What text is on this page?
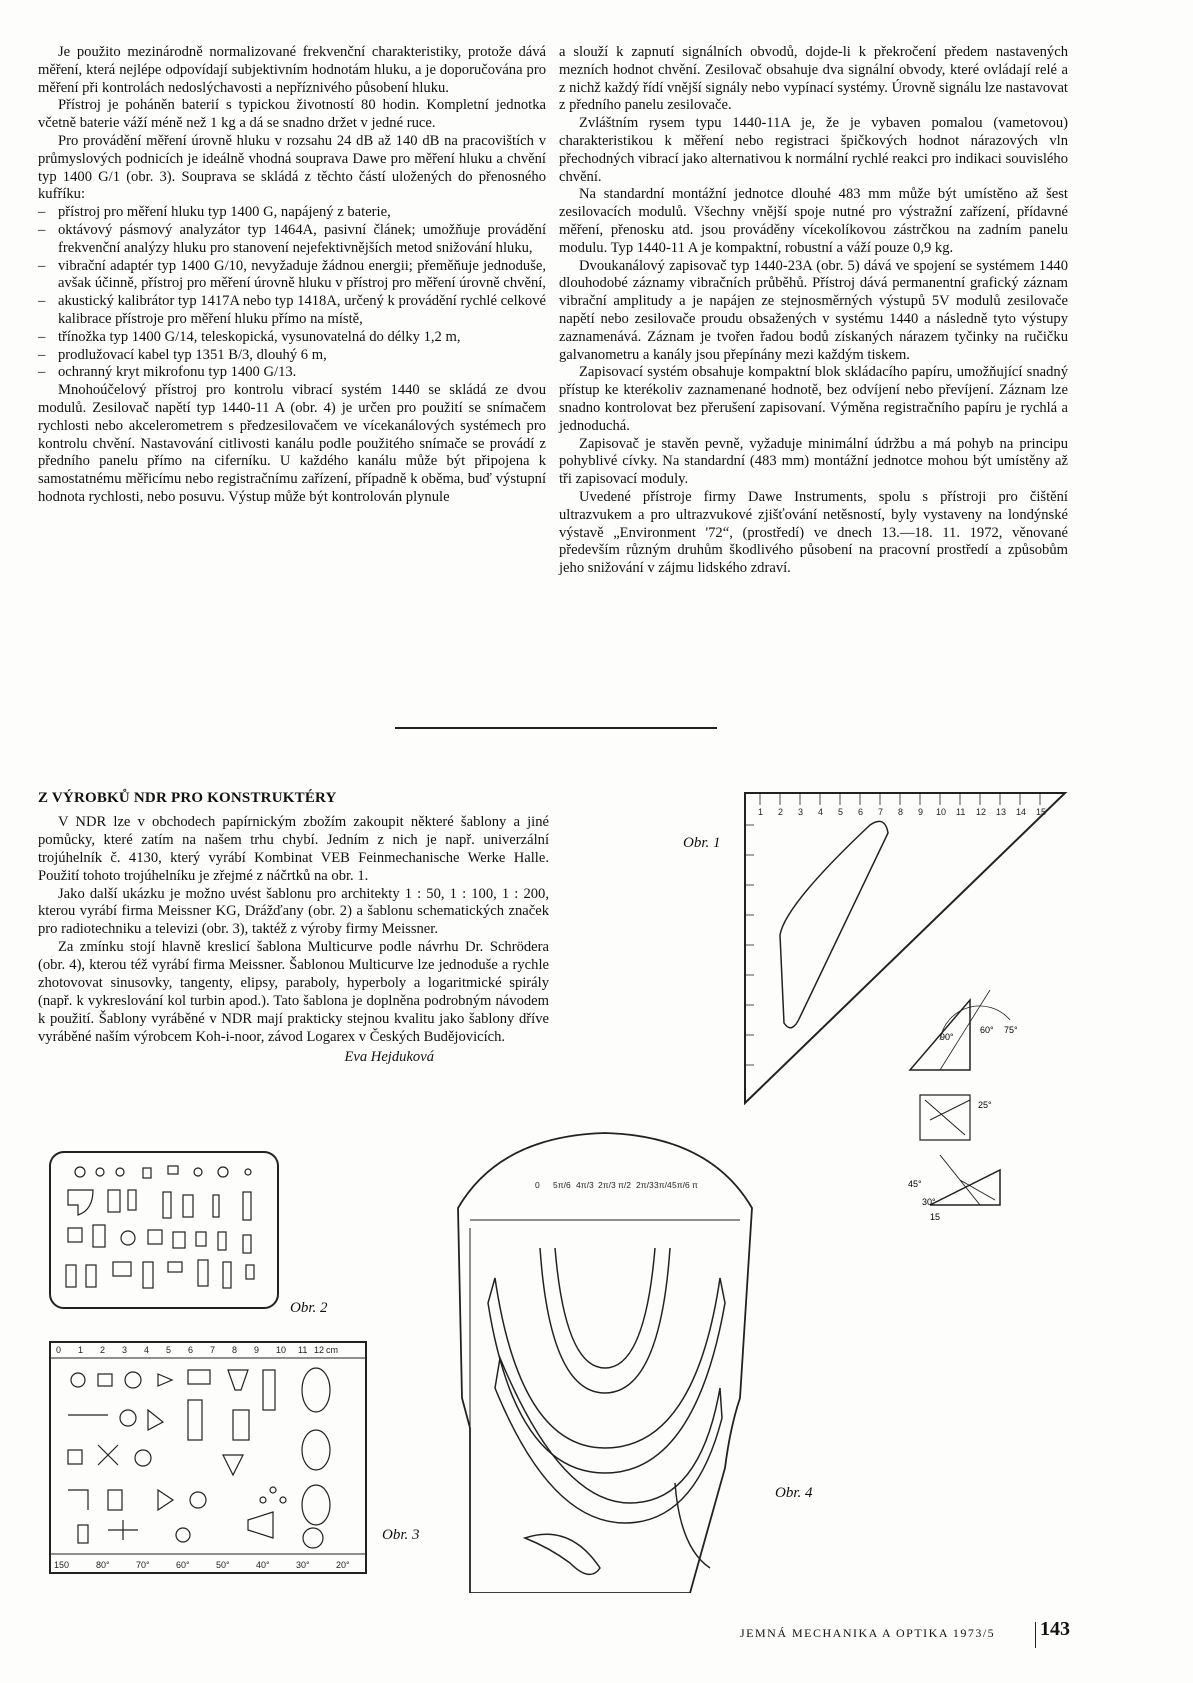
Je použito mezinárodně normalizované frekvenční charakteristiky, protože dává měření, která nejlépe odpovídají subjektivním hodnotám hluku, a je doporučována pro měření při kontrolách nedoslýchavosti a nepříznivého působení hluku.

Přístroj je poháněn baterií s typickou životností 80 hodin. Kompletní jednotka včetně baterie váží méně než 1 kg a dá se snadno držet v jedné ruce.

Pro provádění měření úrovně hluku v rozsahu 24 dB až 140 dB na pracovištích v průmyslových podnicích je ideálně vhodná souprava Dawe pro měření hluku a chvění typ 1400 G/1 (obr. 3). Souprava se skládá z těchto částí uložených do přenosného kufříku:

– přístroj pro měření hluku typ 1400 G, napájený z baterie,
– oktávový pásmový analyzátor typ 1464A, pasivní článek; umožňuje provádění frekvenční analýzy hluku pro stanovení nejefektivnějších metod snižování hluku,
– vibrační adaptér typ 1400 G/10, nevyžaduje žádnou energii; přeměňuje jednoduše, avšak účinně, přístroj pro měření úrovně hluku v přístroj pro měření úrovně chvění,
– akustický kalibrátor typ 1417A nebo typ 1418A, určený k provádění rychlé celkové kalibrace přístroje pro měření hluku přímo na místě,
– třínožka typ 1400 G/14, teleskopická, vysunovatelná do délky 1,2 m,
– prodlužovací kabel typ 1351 B/3, dlouhý 6 m,
– ochranný kryt mikrofonu typ 1400 G/13.

Mnohoúčelový přístroj pro kontrolu vibrací systém 1440 se skládá ze dvou modulů. Zesilovač napětí typ 1440-11 A (obr. 4) je určen pro použití se snímačem rychlosti nebo akcelerometrem s předzesilovačem ve vícekanálových systémech pro kontrolu chvění. Nastavování citlivosti kanálu podle použitého snímače se provádí z předního panelu přímo na ciferníku. U každého kanálu může být připojena k samostatnému měřicímu nebo registračnímu zařízení, případně k oběma, buď výstupní hodnota rychlosti, nebo posuvu. Výstup může být kontrolován plynule

a slouží k zapnutí signálních obvodů, dojde-li k překročení předem nastavených mezních hodnot chvění. Zesilovač obsahuje dva signální obvody, které ovládají relé a z nichž každý řídí vnější signály nebo vypínací systémy. Úrovně signálu lze nastavovat z předního panelu zesilovače.

Zvláštním rysem typu 1440-11A je, že je vybaven pomalou (vametovou) charakteristikou k měření nebo registraci špičkových hodnot nárazových vln přechodných vibrací jako alternativou k normální rychlé reakci pro indikaci souvislého chvění.

Na standardní montážní jednotce dlouhé 483 mm může být umístěno až šest zesilovacích modulů. Všechny vnější spoje nutné pro výstražní zařízení, přídavné měření, přenosku atd. jsou prováděny vícekolíkovou zástrčkou na zadním panelu modulu. Typ 1440-11 A je kompaktní, robustní a váží pouze 0,9 kg.

Dvoukanálový zapisovač typ 1440-23A (obr. 5) dává ve spojení se systémem 1440 dlouhodobé záznamy vibračních průběhů. Přístroj dává permanentní grafický záznam vibrační amplitudy a je napájen ze stejnosměrných výstupů 5V modulů zesilovače napětí nebo zesilovače proudu obsažených v systému 1440 a následně tyto výstupy zaznamenává. Záznam je tvořen řadou bodů získaných nárazem tyčinky na ručičku galvanometru a kanály jsou přepínány mezi každým tiskem.

Zapisovací systém obsahuje kompaktní blok skládacího papíru, umožňující snadný přístup ke kterékoliv zaznamenané hodnotě, bez odvíjení nebo převíjení. Záznam lze snadno kontrolovat bez přerušení zapisovaní. Výměna registračního papíru je rychlá a jednoduchá.

Zapisovač je stavěn pevně, vyžaduje minimální údržbu a má pohyb na principu pohyblivé cívky. Na standardní (483 mm) montážní jednotce mohou být umístěny až tři zapisovací moduly.

Uvedené přístroje firmy Dawe Instruments, spolu s přístroji pro čištění ultrazvukem a pro ultrazvukové zjišťování netěsností, byly vystaveny na londýnské výstavě „Environment '72“, (prostředí) ve dnech 13.—18. 11. 1972, věnované především různým druhům škodlivého působení na pracovní prostředí a způsobům jeho snižování v zájmu lidského zdraví.

Z VÝROBKŮ NDR PRO KONSTRUKTÉRY

V NDR lze v obchodech papírnickým zbožím zakoupit některé šablony a jiné pomůcky, které zatím na našem trhu chybí. Jedním z nich je např. univerzální trojúhelník č. 4130, který vyrábí Kombinat VEB Feinmechanische Werke Halle. Použití tohoto trojúhelníku je zřejmé z náčrtků na obr. 1.

Jako další ukázku je možno uvést šablonu pro architekty 1 : 50, 1 : 100, 1 : 200, kterou vyrábí firma Meissner KG, Drážďany (obr. 2) a šablonu schematických značek pro radiotechniku a televizi (obr. 3), taktéž z výroby firmy Meissner.

Za zmínku stojí hlavně kreslicí šablona Multicurve podle návrhu Dr. Schrödera (obr. 4), kterou též vyrábí firma Meissner. Šablonou Multicurve lze jednoduše a rychle zhotovovat sinusovky, tangenty, elipsy, paraboly, hyperboly a logaritmické spirály (např. k vykreslování kol turbin apod.). Tato šablona je doplněna podrobným návodem k použití. Šablony vyráběné v NDR mají prakticky stejnou kvalitu jako šablony dříve vyráběné naším výrobcem Koh-i-noor, závod Logarex v Českých Budějovicích.

Eva Hejduková
1 2 3 4 5 6 7 8 9 10 11 12 13 14 15
Obr. 1
90°
60° 75°
25°
45°
30°
15
Obr. 2
0 1 2 3 4 5 6 7 8 9 10 11 12 cm
150	80°	70°	60°	50°	40°	30°	20°
Obr. 3
0 5π/6 4π/3 2π/3 π/2 2π/3 3π/4 5π/6 π
Obr. 4
JEMNÁ MECHANIKA A OPTIKA 1973/5 143
